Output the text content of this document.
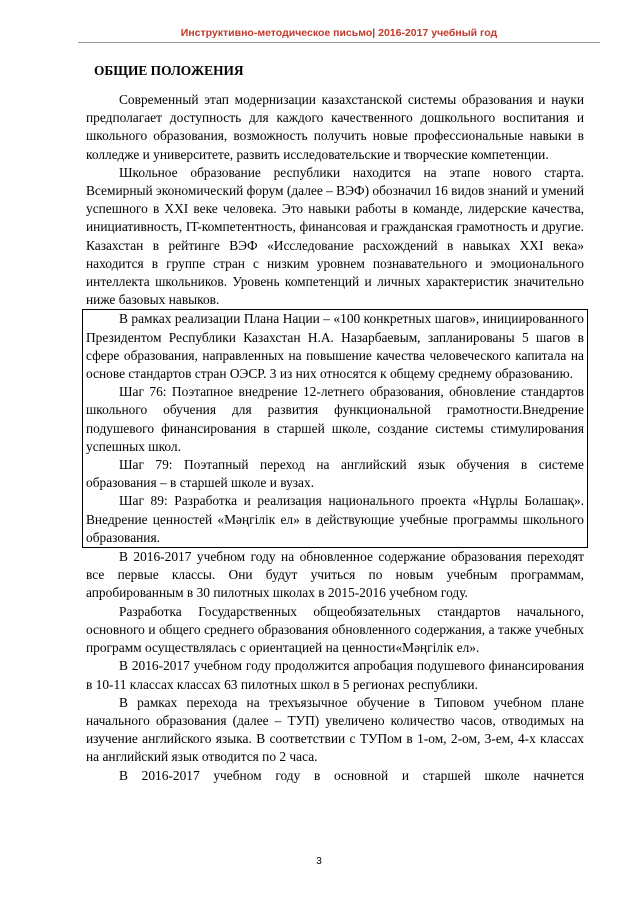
Инструктивно-методическое письмо| 2016-2017 учебный год
ОБЩИЕ ПОЛОЖЕНИЯ

Современный этап модернизации казахстанской системы образования и науки предполагает доступность для каждого качественного дошкольного воспитания и школьного образования, возможность получить новые профессиональные навыки в колледже и университете, развить исследовательские и творческие компетенции.

Школьное образование республики находится на этапе нового старта. Всемирный экономический форум (далее – ВЭФ) обозначил 16 видов знаний и умений успешного в XXI веке человека. Это навыки работы в команде, лидерские качества, инициативность, IT-компетентность, финансовая и гражданская грамотность и другие. Казахстан в рейтинге ВЭФ «Исследование расхождений в навыках XXI века» находится в группе стран с низким уровнем познавательного и эмоционального интеллекта школьников. Уровень компетенций и личных характеристик значительно ниже базовых навыков.

В рамках реализации Плана Нации – «100 конкретных шагов», инициированного Президентом Республики Казахстан Н.А. Назарбаевым, запланированы 5 шагов в сфере образования, направленных на повышение качества человеческого капитала на основе стандартов стран ОЭСР. 3 из них относятся к общему среднему образованию.

Шаг 76: Поэтапное внедрение 12-летнего образования, обновление стандартов школьного обучения для развития функциональной грамотности.Внедрение подушевого финансирования в старшей школе, создание системы стимулирования успешных школ.

Шаг 79: Поэтапный переход на английский язык обучения в системе образования – в старшей школе и вузах.

Шаг 89: Разработка и реализация национального проекта «Нұрлы Болашақ». Внедрение ценностей «Мәңгілік ел» в действующие учебные программы школьного образования.

В 2016-2017 учебном году на обновленное содержание образования переходят все первые классы. Они будут учиться по новым учебным программам, апробированным в 30 пилотных школах в 2015-2016 учебном году.

Разработка Государственных общеобязательных стандартов начального, основного и общего среднего образования обновленного содержания, а также учебных программ осуществлялась с ориентацией на ценности«Мәңгілік ел».

В 2016-2017 учебном году продолжится апробация подушевого финансирования в 10-11 классах классах 63 пилотных школ в 5 регионах республики.

В рамках перехода на трехъязычное обучение в Типовом учебном плане начального образования (далее – ТУП) увеличено количество часов, отводимых на изучение английского языка. В соответствии с ТУПом в 1-ом, 2-ом, 3-ем, 4-х классах на английский язык отводится по 2 часа.

В 2016-2017 учебном году в основной и старшей школе начнется

3
